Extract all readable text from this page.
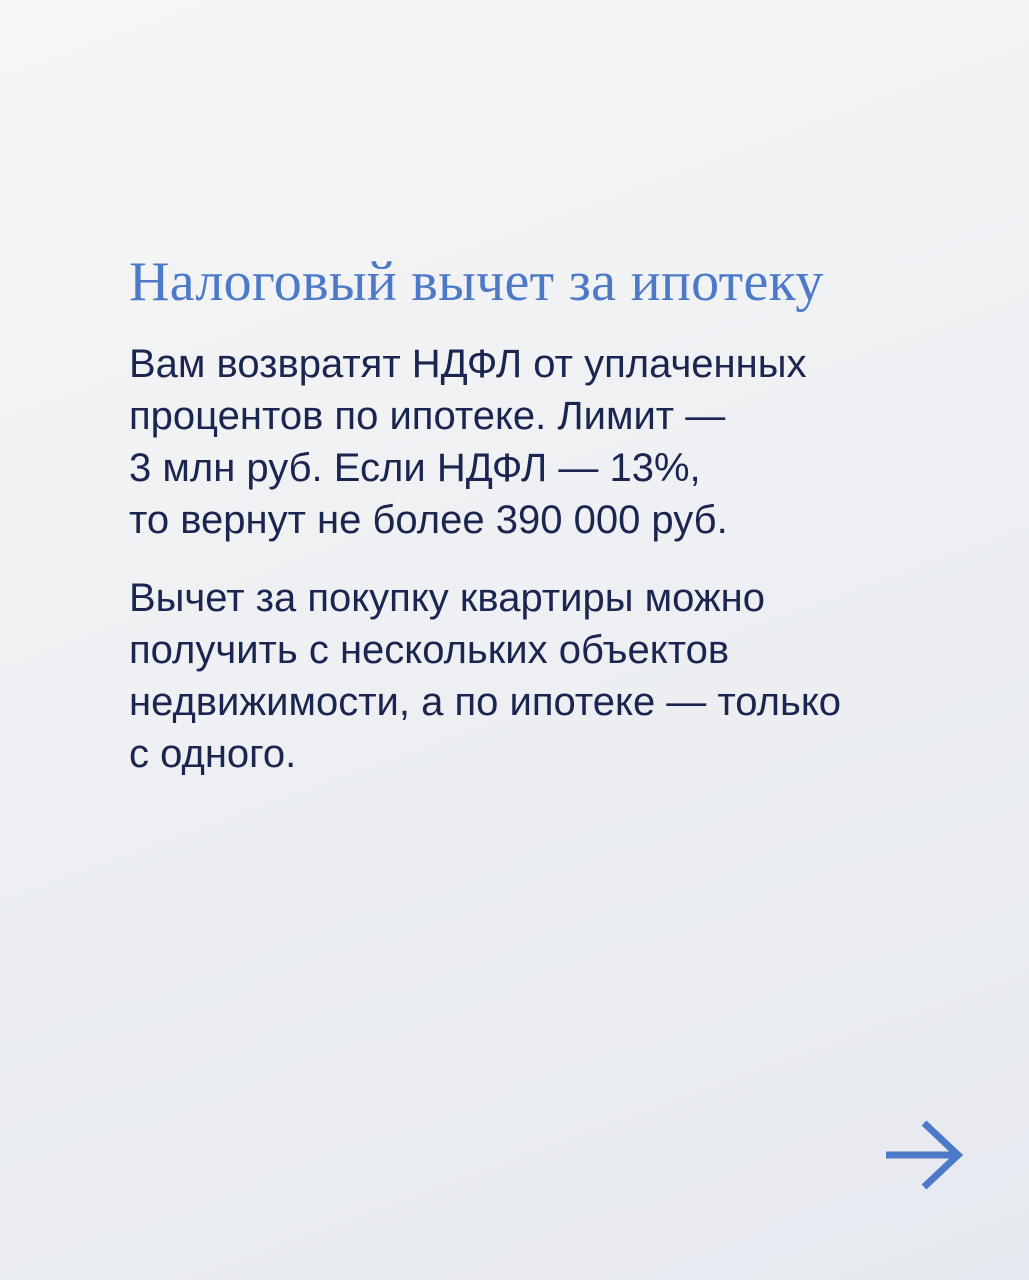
Налоговый вычет за ипотеку

Вам возвратят НДФЛ от уплаченных
процентов по ипотеке. Лимит —
3 млн руб. Если НДФЛ — 13%,
то вернут не более 390 000 руб.

Вычет за покупку квартиры можно
получить с нескольких объектов
недвижимости, а по ипотеке — только
с одного.
